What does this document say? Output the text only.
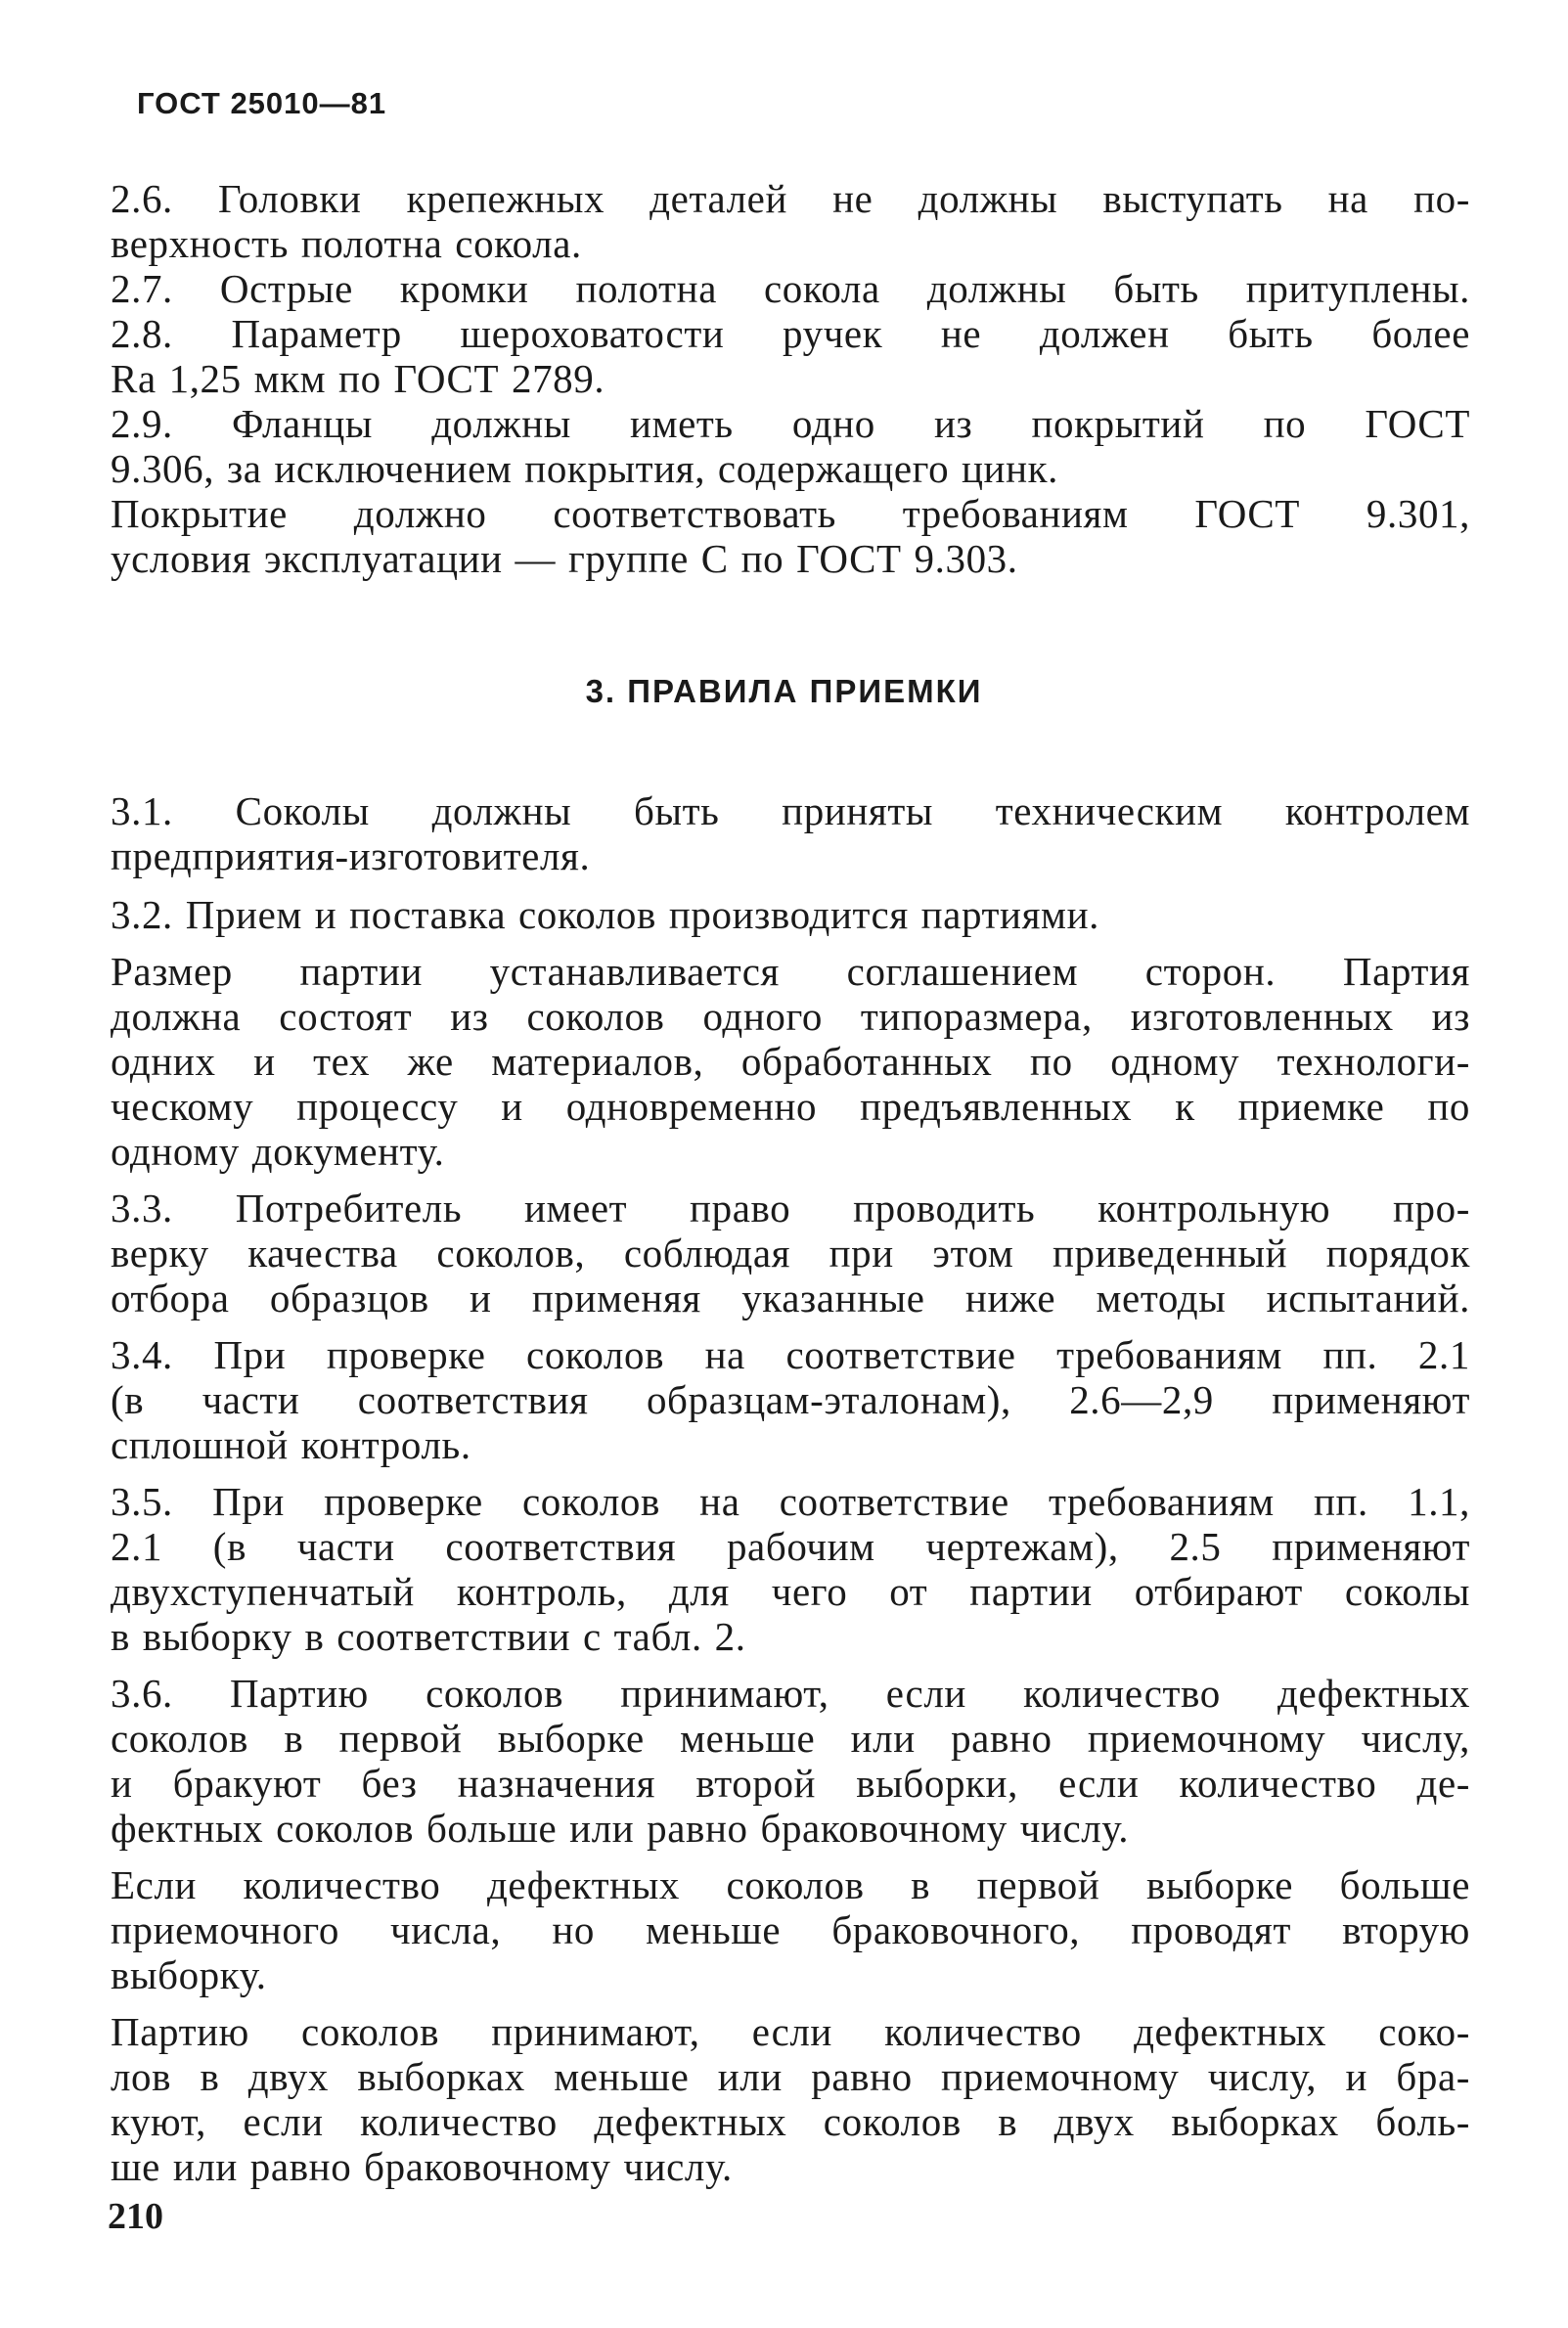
ГОСТ 25010—81
2.6. Головки крепежных деталей не должны выступать на по-
верхность полотна сокола.
2.7. Острые кромки полотна сокола должны быть притуплены.
2.8. Параметр шероховатости ручек не должен быть более
Ra 1,25 мкм по ГОСТ 2789.
2.9. Фланцы должны иметь одно из покрытий по ГОСТ
9.306, за исключением покрытия, содержащего цинк.
Покрытие должно соответствовать требованиям ГОСТ 9.301,
условия эксплуатации — группе С по ГОСТ 9.303.
3. ПРАВИЛА ПРИЕМКИ
3.1. Соколы должны быть приняты техническим контролем
предприятия-изготовителя.
3.2. Прием и поставка соколов производится партиями.
Размер партии устанавливается соглашением сторон. Партия
должна состоят из соколов одного типоразмера, изготовленных из
одних и тех же материалов, обработанных по одному технологи-
ческому процессу и одновременно предъявленных к приемке по
одному документу.
3.3. Потребитель имеет право проводить контрольную про-
верку качества соколов, соблюдая при этом приведенный порядок
отбора образцов и применяя указанные ниже методы испытаний.
3.4. При проверке соколов на соответствие требованиям пп. 2.1
(в части соответствия образцам-эталонам), 2.6—2,9 применяют
сплошной контроль.
3.5. При проверке соколов на соответствие требованиям пп. 1.1,
2.1 (в части соответствия рабочим чертежам), 2.5 применяют
двухступенчатый контроль, для чего от партии отбирают соколы
в выборку в соответствии с табл. 2.
3.6. Партию соколов принимают, если количество дефектных
соколов в первой выборке меньше или равно приемочному числу,
и бракуют без назначения второй выборки, если количество де-
фектных соколов больше или равно браковочному числу.
Если количество дефектных соколов в первой выборке больше
приемочного числа, но меньше браковочного, проводят вторую
выборку.
Партию соколов принимают, если количество дефектных соко-
лов в двух выборках меньше или равно приемочному числу, и бра-
куют, если количество дефектных соколов в двух выборках боль-
ше или равно браковочному числу.
210
